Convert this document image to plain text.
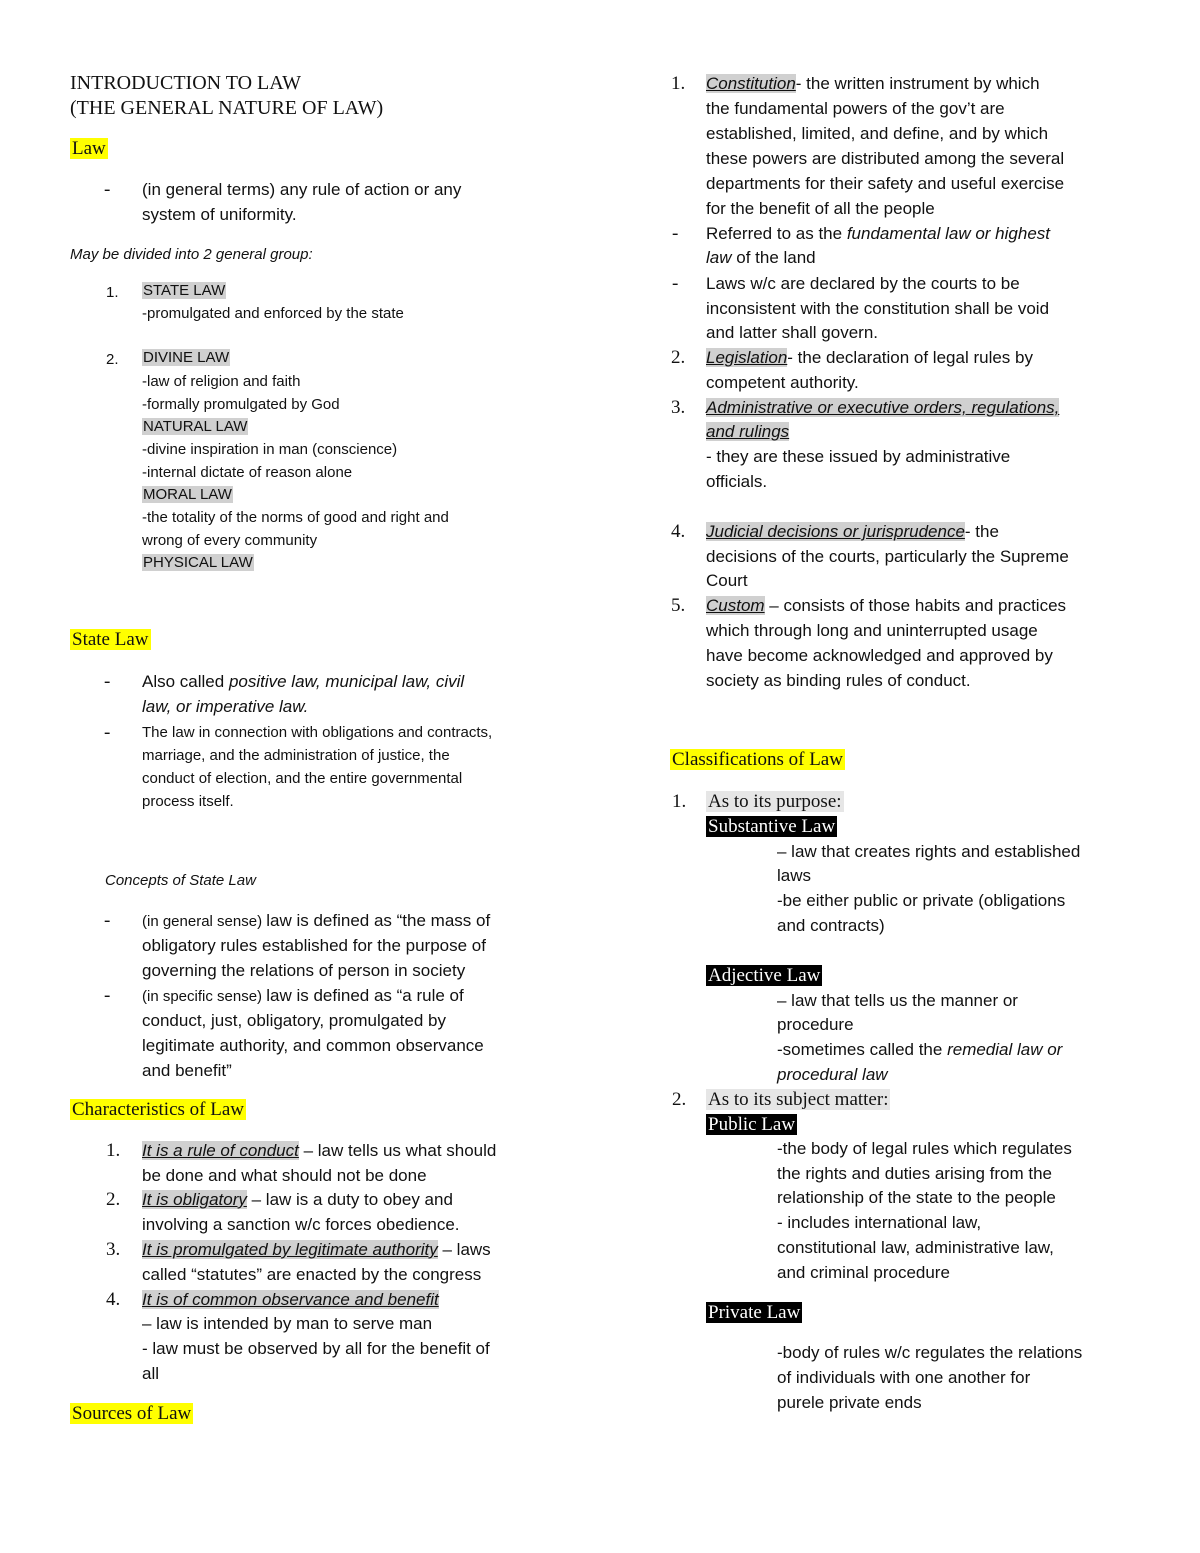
INTRODUCTION TO LAW
(THE GENERAL NATURE OF LAW)
Law
- (in general terms) any rule of action or any
system of uniformity.
May be divided into 2 general group:
1. STATE LAW
-promulgated and enforced by the state
2. DIVINE LAW
-law of religion and faith
-formally promulgated by God
NATURAL LAW
-divine inspiration in man (conscience)
-internal dictate of reason alone
MORAL LAW
-the totality of the norms of good and right and
wrong of every community
PHYSICAL LAW
State Law
- Also called positive law, municipal law, civil
law, or imperative law.
- The law in connection with obligations and contracts,
marriage, and the administration of justice, the
conduct of election, and the entire governmental
process itself.
Concepts of State Law
- (in general sense) law is defined as “the mass of
obligatory rules established for the purpose of
governing the relations of person in society
- (in specific sense) law is defined as “a rule of
conduct, just, obligatory, promulgated by
legitimate authority, and common observance
and benefit”
Characteristics of Law
1. It is a rule of conduct – law tells us what should
be done and what should not be done
2. It is obligatory – law is a duty to obey and
involving a sanction w/c forces obedience.
3. It is promulgated by legitimate authority – laws
called “statutes” are enacted by the congress
4. It is of common observance and benefit
– law is intended by man to serve man
- law must be observed by all for the benefit of
all
Sources of Law
1. Constitution- the written instrument by which
the fundamental powers of the gov’t are
established, limited, and define, and by which
these powers are distributed among the several
departments for their safety and useful exercise
for the benefit of all the people
- Referred to as the fundamental law or highest
law of the land
- Laws w/c are declared by the courts to be
inconsistent with the constitution shall be void
and latter shall govern.
2. Legislation- the declaration of legal rules by
competent authority.
3. Administrative or executive orders, regulations,
and rulings
- they are these issued by administrative
officials.
4. Judicial decisions or jurisprudence- the
decisions of the courts, particularly the Supreme
Court
5. Custom – consists of those habits and practices
which through long and uninterrupted usage
have become acknowledged and approved by
society as binding rules of conduct.
Classifications of Law
1. As to its purpose:
Substantive Law
– law that creates rights and established
laws
-be either public or private (obligations
and contracts)
Adjective Law
– law that tells us the manner or
procedure
-sometimes called the remedial law or
procedural law
2. As to its subject matter:
Public Law
-the body of legal rules which regulates
the rights and duties arising from the
relationship of the state to the people
- includes international law,
constitutional law, administrative law,
and criminal procedure
Private Law
-body of rules w/c regulates the relations
of individuals with one another for
purele private ends
